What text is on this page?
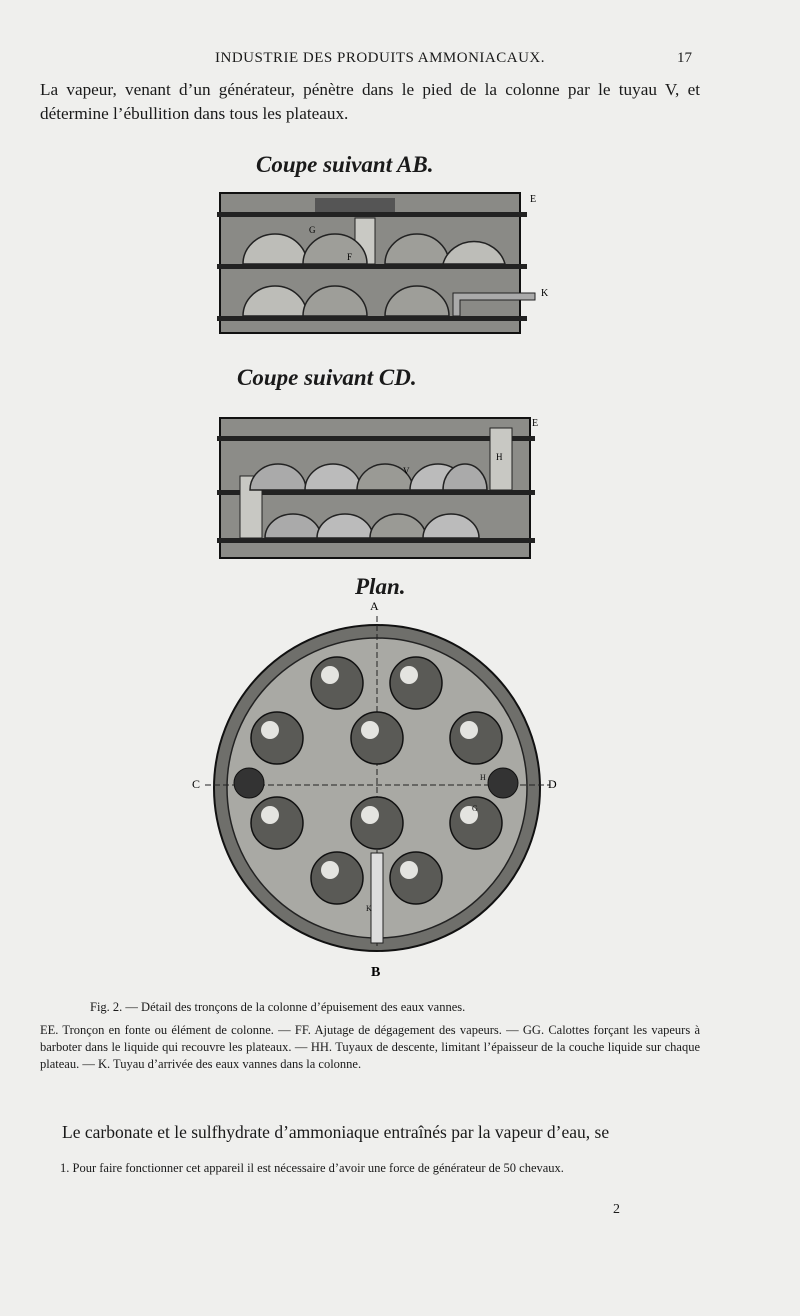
INDUSTRIE DES PRODUITS AMMONIACAUX.	17
La vapeur, venant d’un générateur, pénètre dans le pied de la colonne par le tuyau V, et détermine l’ébullition dans tous les plateaux.
Coupe suivant AB.
E
G
F
K
Coupe suivant CD.
E
H
V
Plan.
A
B
C	D
G
H
K
Fig. 2. — Détail des tronçons de la colonne d’épuisement des eaux vannes.
EE. Tronçon en fonte ou élément de colonne. — FF. Ajutage de dégagement des vapeurs. — GG. Calottes forçant les vapeurs à barboter dans le liquide qui recouvre les plateaux. — HH. Tuyaux de descente, limitant l’épaisseur de la couche liquide sur chaque plateau. — K. Tuyau d’arrivée des eaux vannes dans la colonne.
Le carbonate et le sulfhydrate d’ammoniaque entraînés par la vapeur d’eau, se
1. Pour faire fonctionner cet appareil il est nécessaire d’avoir une force de générateur de 50 chevaux.
2
